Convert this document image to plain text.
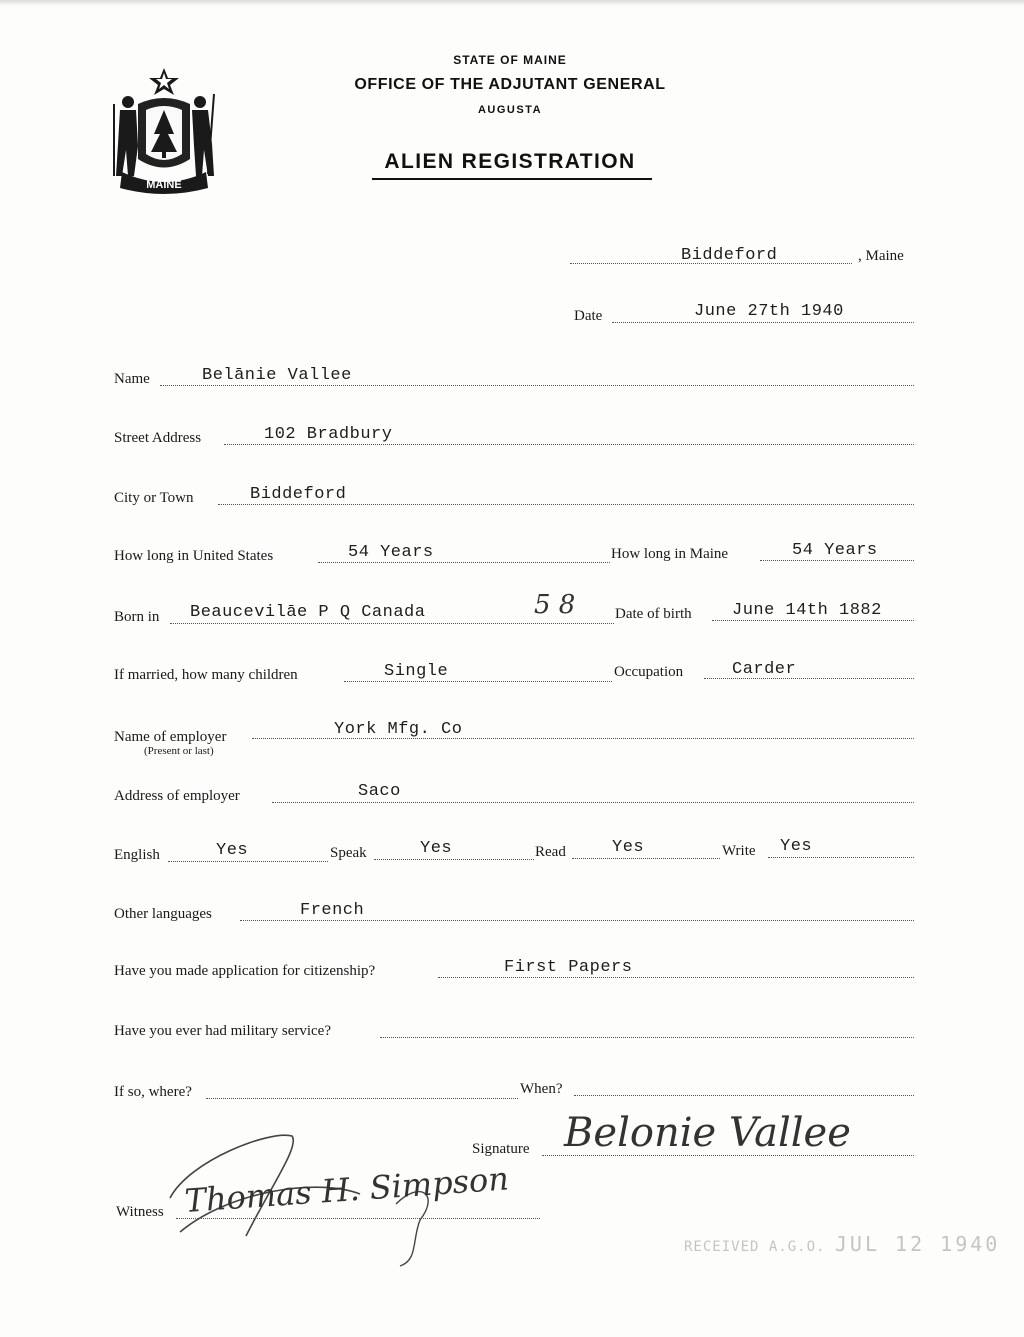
MAINE
STATE OF MAINE
OFFICE OF THE ADJUTANT GENERAL
AUGUSTA
ALIEN REGISTRATION
Biddeford	, Maine
Date	June 27th 1940
Name	Belānie Vallee
Street Address	102 Bradbury
City or Town	Biddeford
How long in United States	54 Years	How long in Maine	54 Years
Born in Beaucevilāe P Q Canada	5 8	Date of birth June 14th 1882
If married, how many children	Single	Occupation	Carder
Name of employer
(Present or last)
York Mfg. Co
Address of employer	Saco
English	Yes	Speak	Yes	Read	Yes	Write Yes
Other languages	French
Have you made application for citizenship?	First Papers
Have you ever had military service?
If so, where?	When?
Signature Belonie Vallee
Witness Thomas H. Simpson
RECEIVED A.G.O. JUL 12 1940
